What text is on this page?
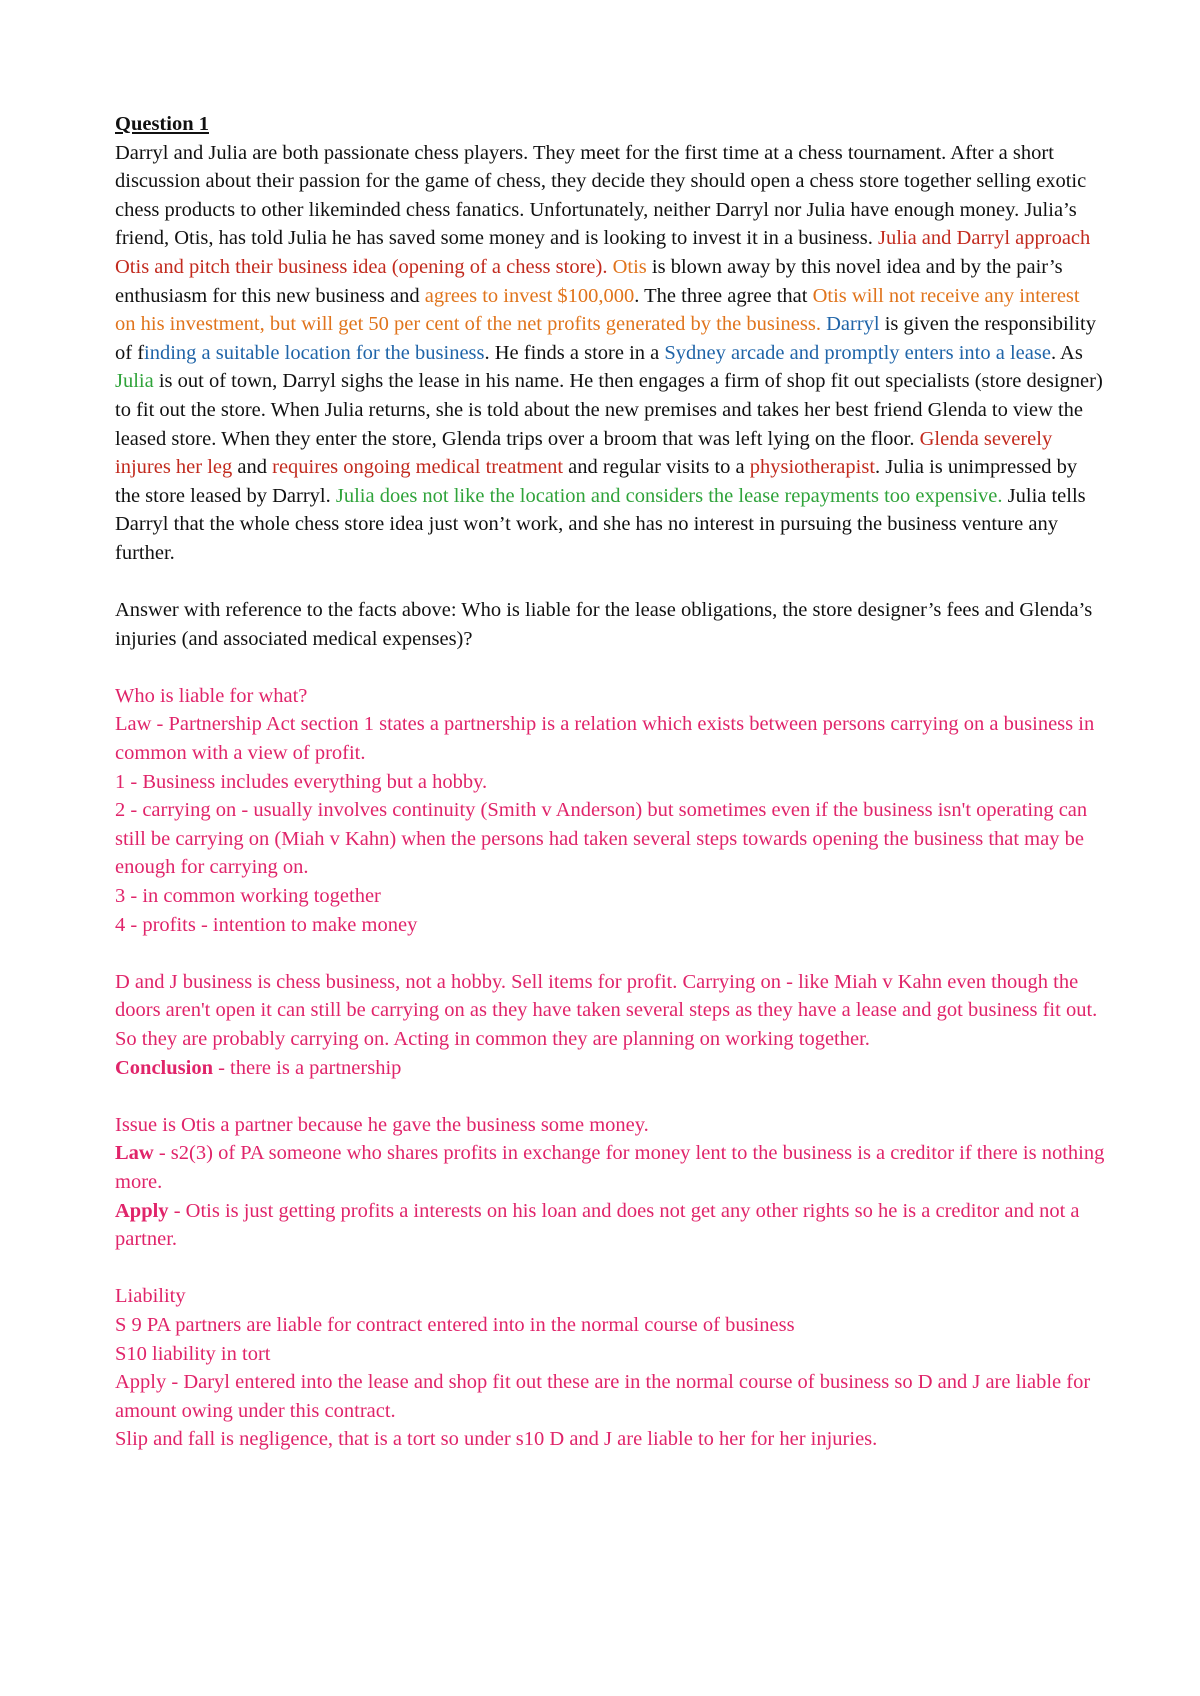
Question 1

Darryl and Julia are both passionate chess players. They meet for the first time at a chess tournament. After a short discussion about their passion for the game of chess, they decide they should open a chess store together selling exotic chess products to other likeminded chess fanatics. Unfortunately, neither Darryl nor Julia have enough money. Julia’s friend, Otis, has told Julia he has saved some money and is looking to invest it in a business. Julia and Darryl approach Otis and pitch their business idea (opening of a chess store). Otis is blown away by this novel idea and by the pair’s enthusiasm for this new business and agrees to invest $100,000. The three agree that Otis will not receive any interest on his investment, but will get 50 per cent of the net profits generated by the business. Darryl is given the responsibility of finding a suitable location for the business. He finds a store in a Sydney arcade and promptly enters into a lease. As Julia is out of town, Darryl sighs the lease in his name. He then engages a firm of shop fit out specialists (store designer) to fit out the store. When Julia returns, she is told about the new premises and takes her best friend Glenda to view the leased store. When they enter the store, Glenda trips over a broom that was left lying on the floor. Glenda severely injures her leg and requires ongoing medical treatment and regular visits to a physiotherapist. Julia is unimpressed by the store leased by Darryl. Julia does not like the location and considers the lease repayments too expensive. Julia tells Darryl that the whole chess store idea just won’t work, and she has no interest in pursuing the business venture any further.

Answer with reference to the facts above: Who is liable for the lease obligations, the store designer’s fees and Glenda’s injuries (and associated medical expenses)?

Who is liable for what?

Law - Partnership Act section 1 states a partnership is a relation which exists between persons carrying on a business in common with a view of profit.

1 - Business includes everything but a hobby.

2 - carrying on - usually involves continuity (Smith v Anderson) but sometimes even if the business isn't operating can still be carrying on (Miah v Kahn) when the persons had taken several steps towards opening the business that may be enough for carrying on.

3 - in common working together

4 - profits - intention to make money

D and J business is chess business, not a hobby. Sell items for profit. Carrying on - like Miah v Kahn even though the doors aren't open it can still be carrying on as they have taken several steps as they have a lease and got business fit out. So they are probably carrying on. Acting in common they are planning on working together.

Conclusion - there is a partnership

Issue is Otis a partner because he gave the business some money.

Law - s2(3) of PA someone who shares profits in exchange for money lent to the business is a creditor if there is nothing more.

Apply - Otis is just getting profits a interests on his loan and does not get any other rights so he is a creditor and not a partner.

Liability

S 9 PA partners are liable for contract entered into in the normal course of business

S10 liability in tort

Apply - Daryl entered into the lease and shop fit out these are in the normal course of business so D and J are liable for amount owing under this contract.

Slip and fall is negligence, that is a tort so under s10 D and J are liable to her for her injuries.
